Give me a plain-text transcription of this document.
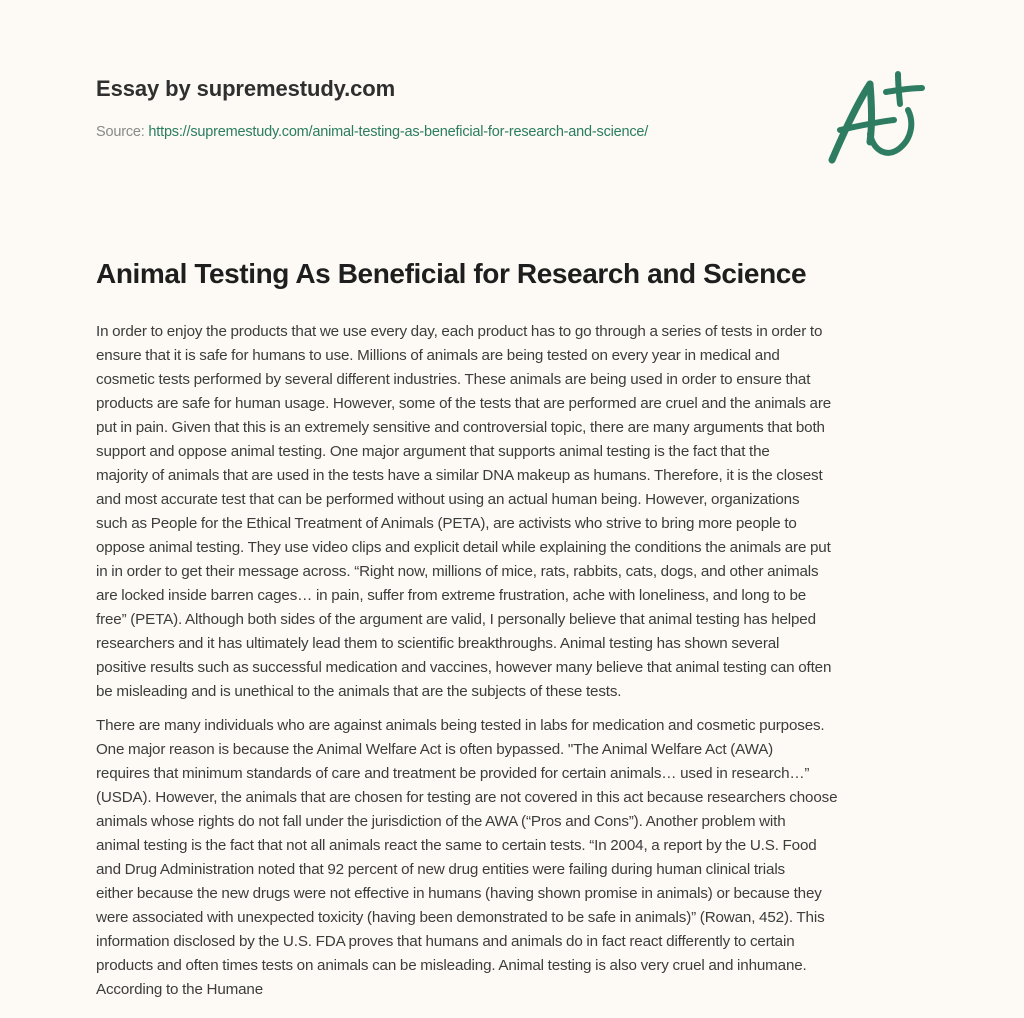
Essay by supremestudy.com
Source: https://supremestudy.com/animal-testing-as-beneficial-for-research-and-science/
Animal Testing As Beneficial for Research and Science

In order to enjoy the products that we use every day, each product has to go through a series of tests in order to
ensure that it is safe for humans to use. Millions of animals are being tested on every year in medical and
cosmetic tests performed by several different industries. These animals are being used in order to ensure that
products are safe for human usage. However, some of the tests that are performed are cruel and the animals are
put in pain. Given that this is an extremely sensitive and controversial topic, there are many arguments that both
support and oppose animal testing. One major argument that supports animal testing is the fact that the
majority of animals that are used in the tests have a similar DNA makeup as humans. Therefore, it is the closest
and most accurate test that can be performed without using an actual human being. However, organizations
such as People for the Ethical Treatment of Animals (PETA), are activists who strive to bring more people to
oppose animal testing. They use video clips and explicit detail while explaining the conditions the animals are put
in in order to get their message across. “Right now, millions of mice, rats, rabbits, cats, dogs, and other animals
are locked inside barren cages… in pain, suffer from extreme frustration, ache with loneliness, and long to be
free” (PETA). Although both sides of the argument are valid, I personally believe that animal testing has helped
researchers and it has ultimately lead them to scientific breakthroughs. Animal testing has shown several
positive results such as successful medication and vaccines, however many believe that animal testing can often
be misleading and is unethical to the animals that are the subjects of these tests.

There are many individuals who are against animals being tested in labs for medication and cosmetic purposes.
One major reason is because the Animal Welfare Act is often bypassed. "The Animal Welfare Act (AWA)
requires that minimum standards of care and treatment be provided for certain animals… used in research…”
(USDA). However, the animals that are chosen for testing are not covered in this act because researchers choose
animals whose rights do not fall under the jurisdiction of the AWA (“Pros and Cons”). Another problem with
animal testing is the fact that not all animals react the same to certain tests. “In 2004, a report by the U.S. Food
and Drug Administration noted that 92 percent of new drug entities were failing during human clinical trials
either because the new drugs were not effective in humans (having shown promise in animals) or because they
were associated with unexpected toxicity (having been demonstrated to be safe in animals)” (Rowan, 452). This
information disclosed by the U.S. FDA proves that humans and animals do in fact react differently to certain
products and often times tests on animals can be misleading. Animal testing is also very cruel and inhumane.
According to the Humane
